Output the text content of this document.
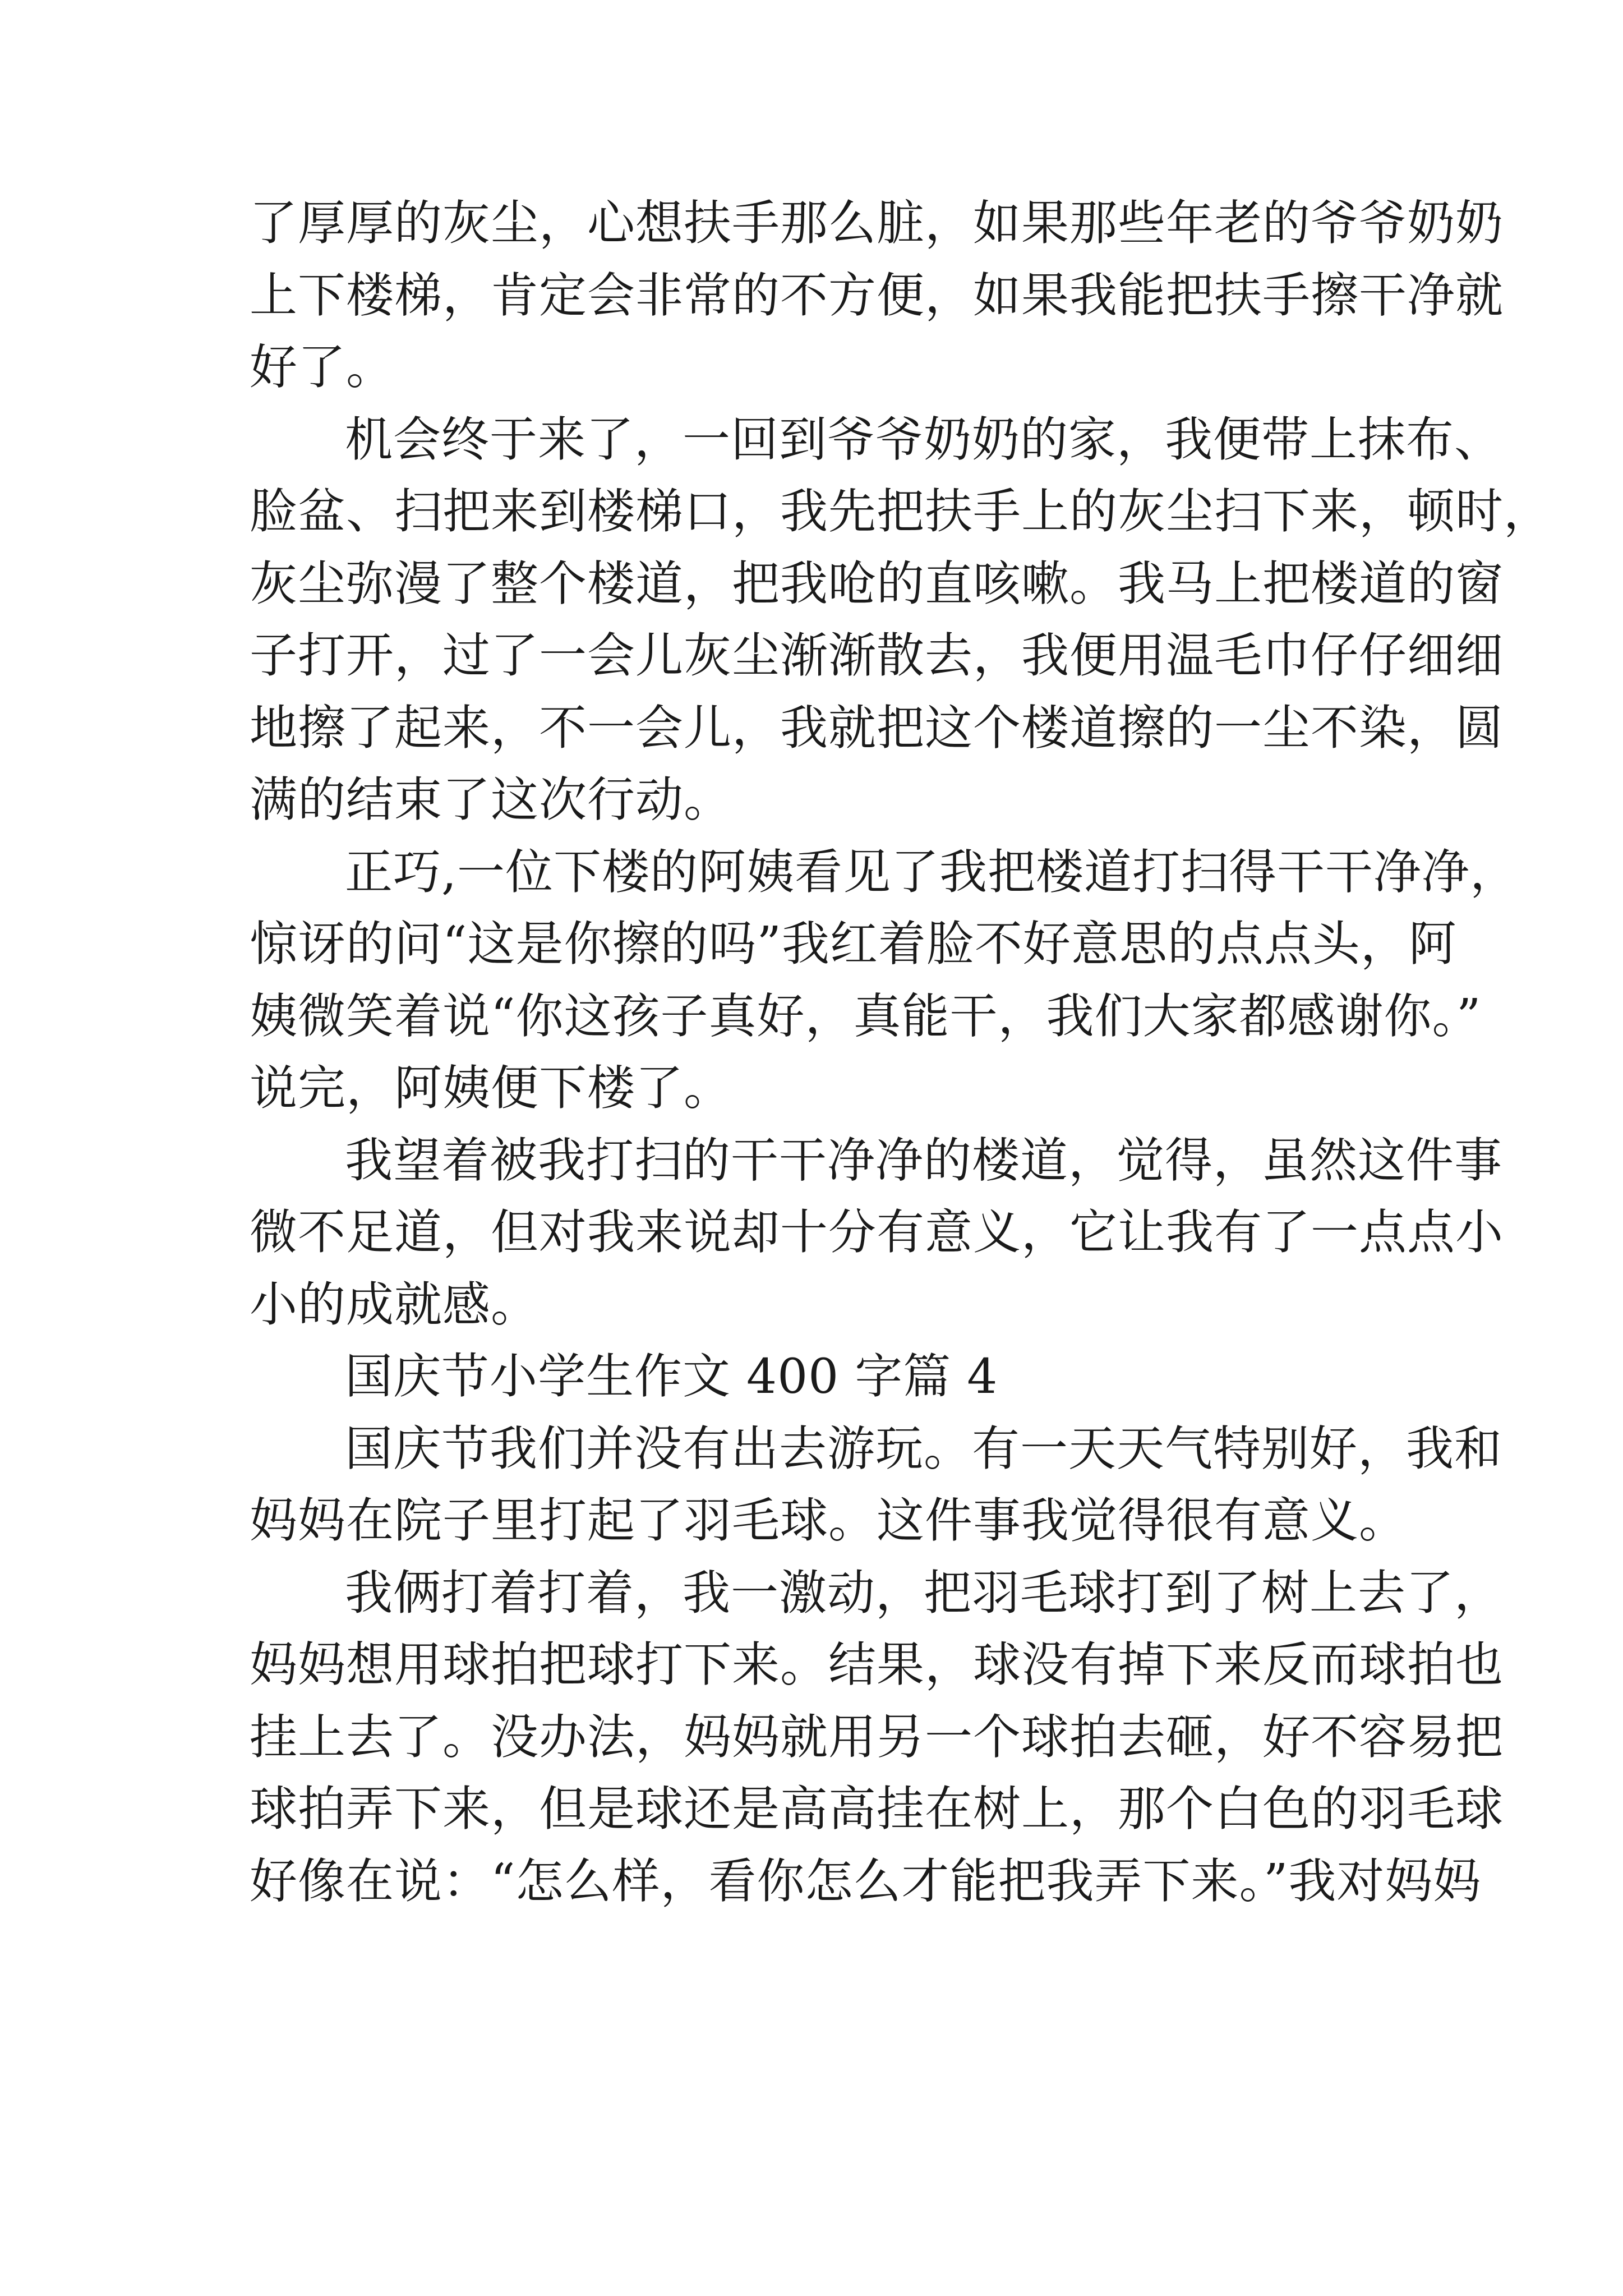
了厚厚的灰尘，心想扶手那么脏，如果那些年老的爷爷奶奶
上下楼梯，肯定会非常的不方便，如果我能把扶手擦干净就
好了。

机会终于来了，一回到爷爷奶奶的家，我便带上抹布、
脸盆、扫把来到楼梯口，我先把扶手上的灰尘扫下来，顿时，
灰尘弥漫了整个楼道，把我呛的直咳嗽。我马上把楼道的窗
子打开，过了一会儿灰尘渐渐散去，我便用温毛巾仔仔细细
地擦了起来，不一会儿，我就把这个楼道擦的一尘不染，圆
满的结束了这次行动。

正巧,一位下楼的阿姨看见了我把楼道打扫得干干净净，
惊讶的问“这是你擦的吗”我红着脸不好意思的点点头，阿
姨微笑着说“你这孩子真好，真能干，我们大家都感谢你。”
说完，阿姨便下楼了。

我望着被我打扫的干干净净的楼道，觉得，虽然这件事
微不足道，但对我来说却十分有意义，它让我有了一点点小
小的成就感。

国庆节小学生作文 400 字篇 4

国庆节我们并没有出去游玩。有一天天气特别好，我和
妈妈在院子里打起了羽毛球。这件事我觉得很有意义。

我俩打着打着，我一激动，把羽毛球打到了树上去了，
妈妈想用球拍把球打下来。结果，球没有掉下来反而球拍也
挂上去了。没办法，妈妈就用另一个球拍去砸，好不容易把
球拍弄下来，但是球还是高高挂在树上，那个白色的羽毛球
好像在说：“怎么样，看你怎么才能把我弄下来。”我对妈妈
